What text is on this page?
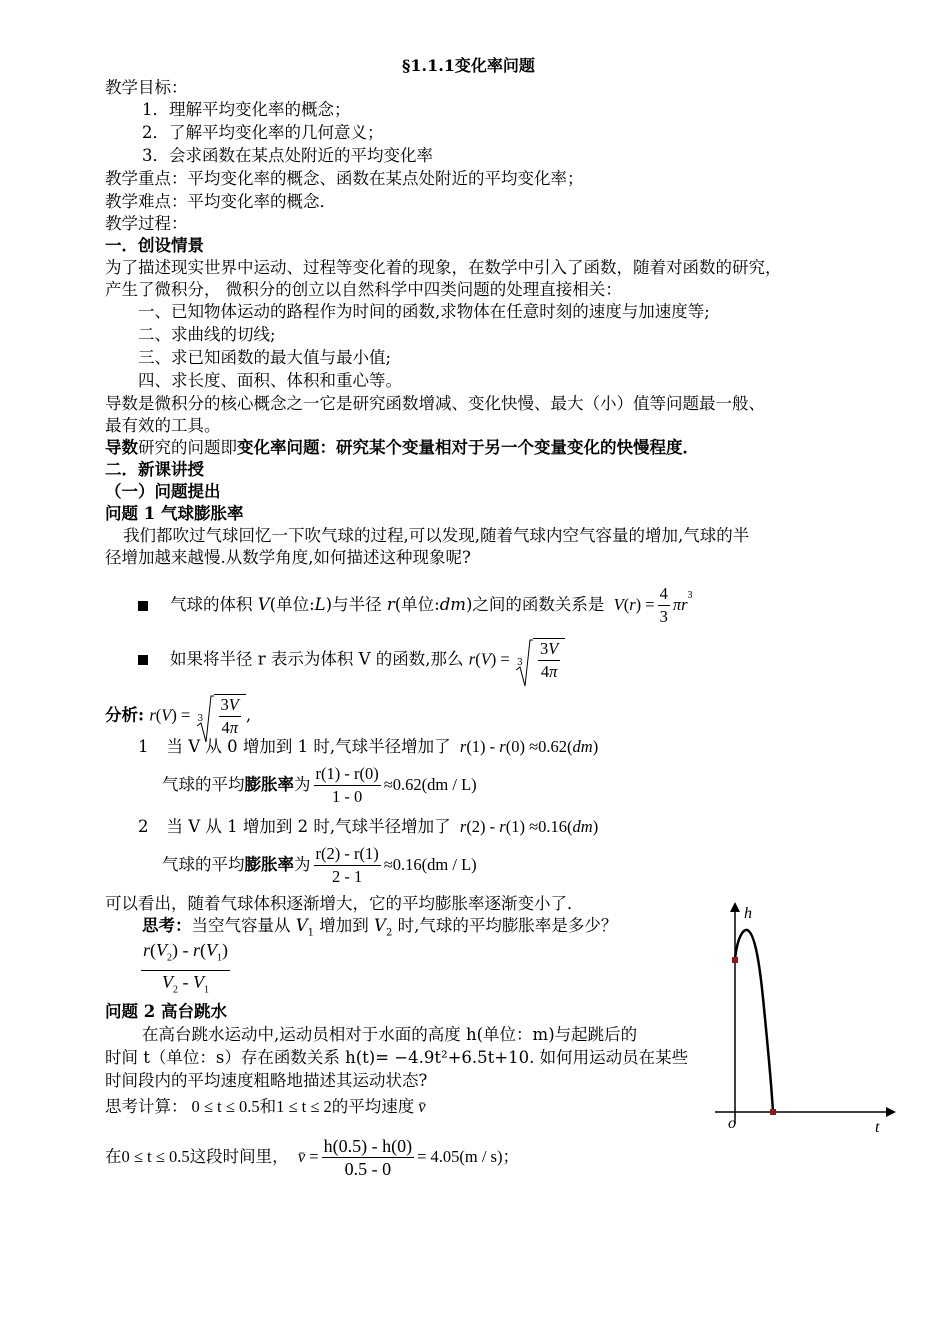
§1.1.1变化率问题
教学目标：
1．理解平均变化率的概念；
2．了解平均变化率的几何意义；
3．会求函数在某点处附近的平均变化率
教学重点：平均变化率的概念、函数在某点处附近的平均变化率；
教学难点：平均变化率的概念．
教学过程：
一．创设情景
为了描述现实世界中运动、过程等变化着的现象，在数学中引入了函数，随着对函数的研究，
产生了微积分， 微积分的创立以自然科学中四类问题的处理直接相关：
一、已知物体运动的路程作为时间的函数,求物体在任意时刻的速度与加速度等;
二、求曲线的切线;
三、求已知函数的最大值与最小值;
四、求长度、面积、体积和重心等。
导数是微积分的核心概念之一它是研究函数增减、变化快慢、最大（小）值等问题最一般、
最有效的工具。
导数研究的问题即变化率问题：研究某个变量相对于另一个变量变化的快慢程度．
二．新课讲授
（一）问题提出
问题 1 气球膨胀率
我们都吹过气球回忆一下吹气球的过程,可以发现,随着气球内空气容量的增加,气球的半
径增加越来越慢.从数学角度,如何描述这种现象呢?
气球的体积 V(单位:L)与半径 r(单位:dm)之间的函数关系是 $V(r) = \frac{4}{3} \pi r^3$
如果将半径 r 表示为体积 V 的函数,那么 $r(V) = 3 \frac{3V}{4\pi}$
分析: $r(V) = 3 \frac{3V}{4\pi}$ ,
1 当 V 从 0 增加到 1 时,气球半径增加了 r(1) - r(0) ≈0.62(dm)
气球的平均膨胀率为 $\frac{r(1) - r(0)}{1 - 0} \approx 0.62(dm / L)$
2 当 V 从 1 增加到 2 时,气球半径增加了 r(2) - r(1) ≈0.16(dm)
气球的平均膨胀率为 $\frac{r(2) - r(1)}{2 - 1} \approx 0.16(dm / L)$
可以看出，随着气球体积逐渐增大，它的平均膨胀率逐渐变小了．
思考：当空气容量从 $V_1$ 增加到 $V_2$ 时,气球的平均膨胀率是多少？
$\frac{r(V_2) - r(V_1)}{V_2 - V_1}$
问题 2 高台跳水
在高台跳水运动中,运动员相对于水面的高度 h(单位：m)与起跳后的
时间 t（单位：s）存在函数关系 h(t)= −4.9t²+6.5t+10. 如何用运动员在某些
时间段内的平均速度粗略地描述其运动状态?
思考计算： 0 ≤ t ≤ 0.5和1 ≤ t ≤ 2的平均速度 v̄
在0 ≤ t ≤ 0.5这段时间里， v̄ = $\frac{h(0.5) - h(0)}{0.5 - 0} = 4.05(m / s)$；
h
t
o
